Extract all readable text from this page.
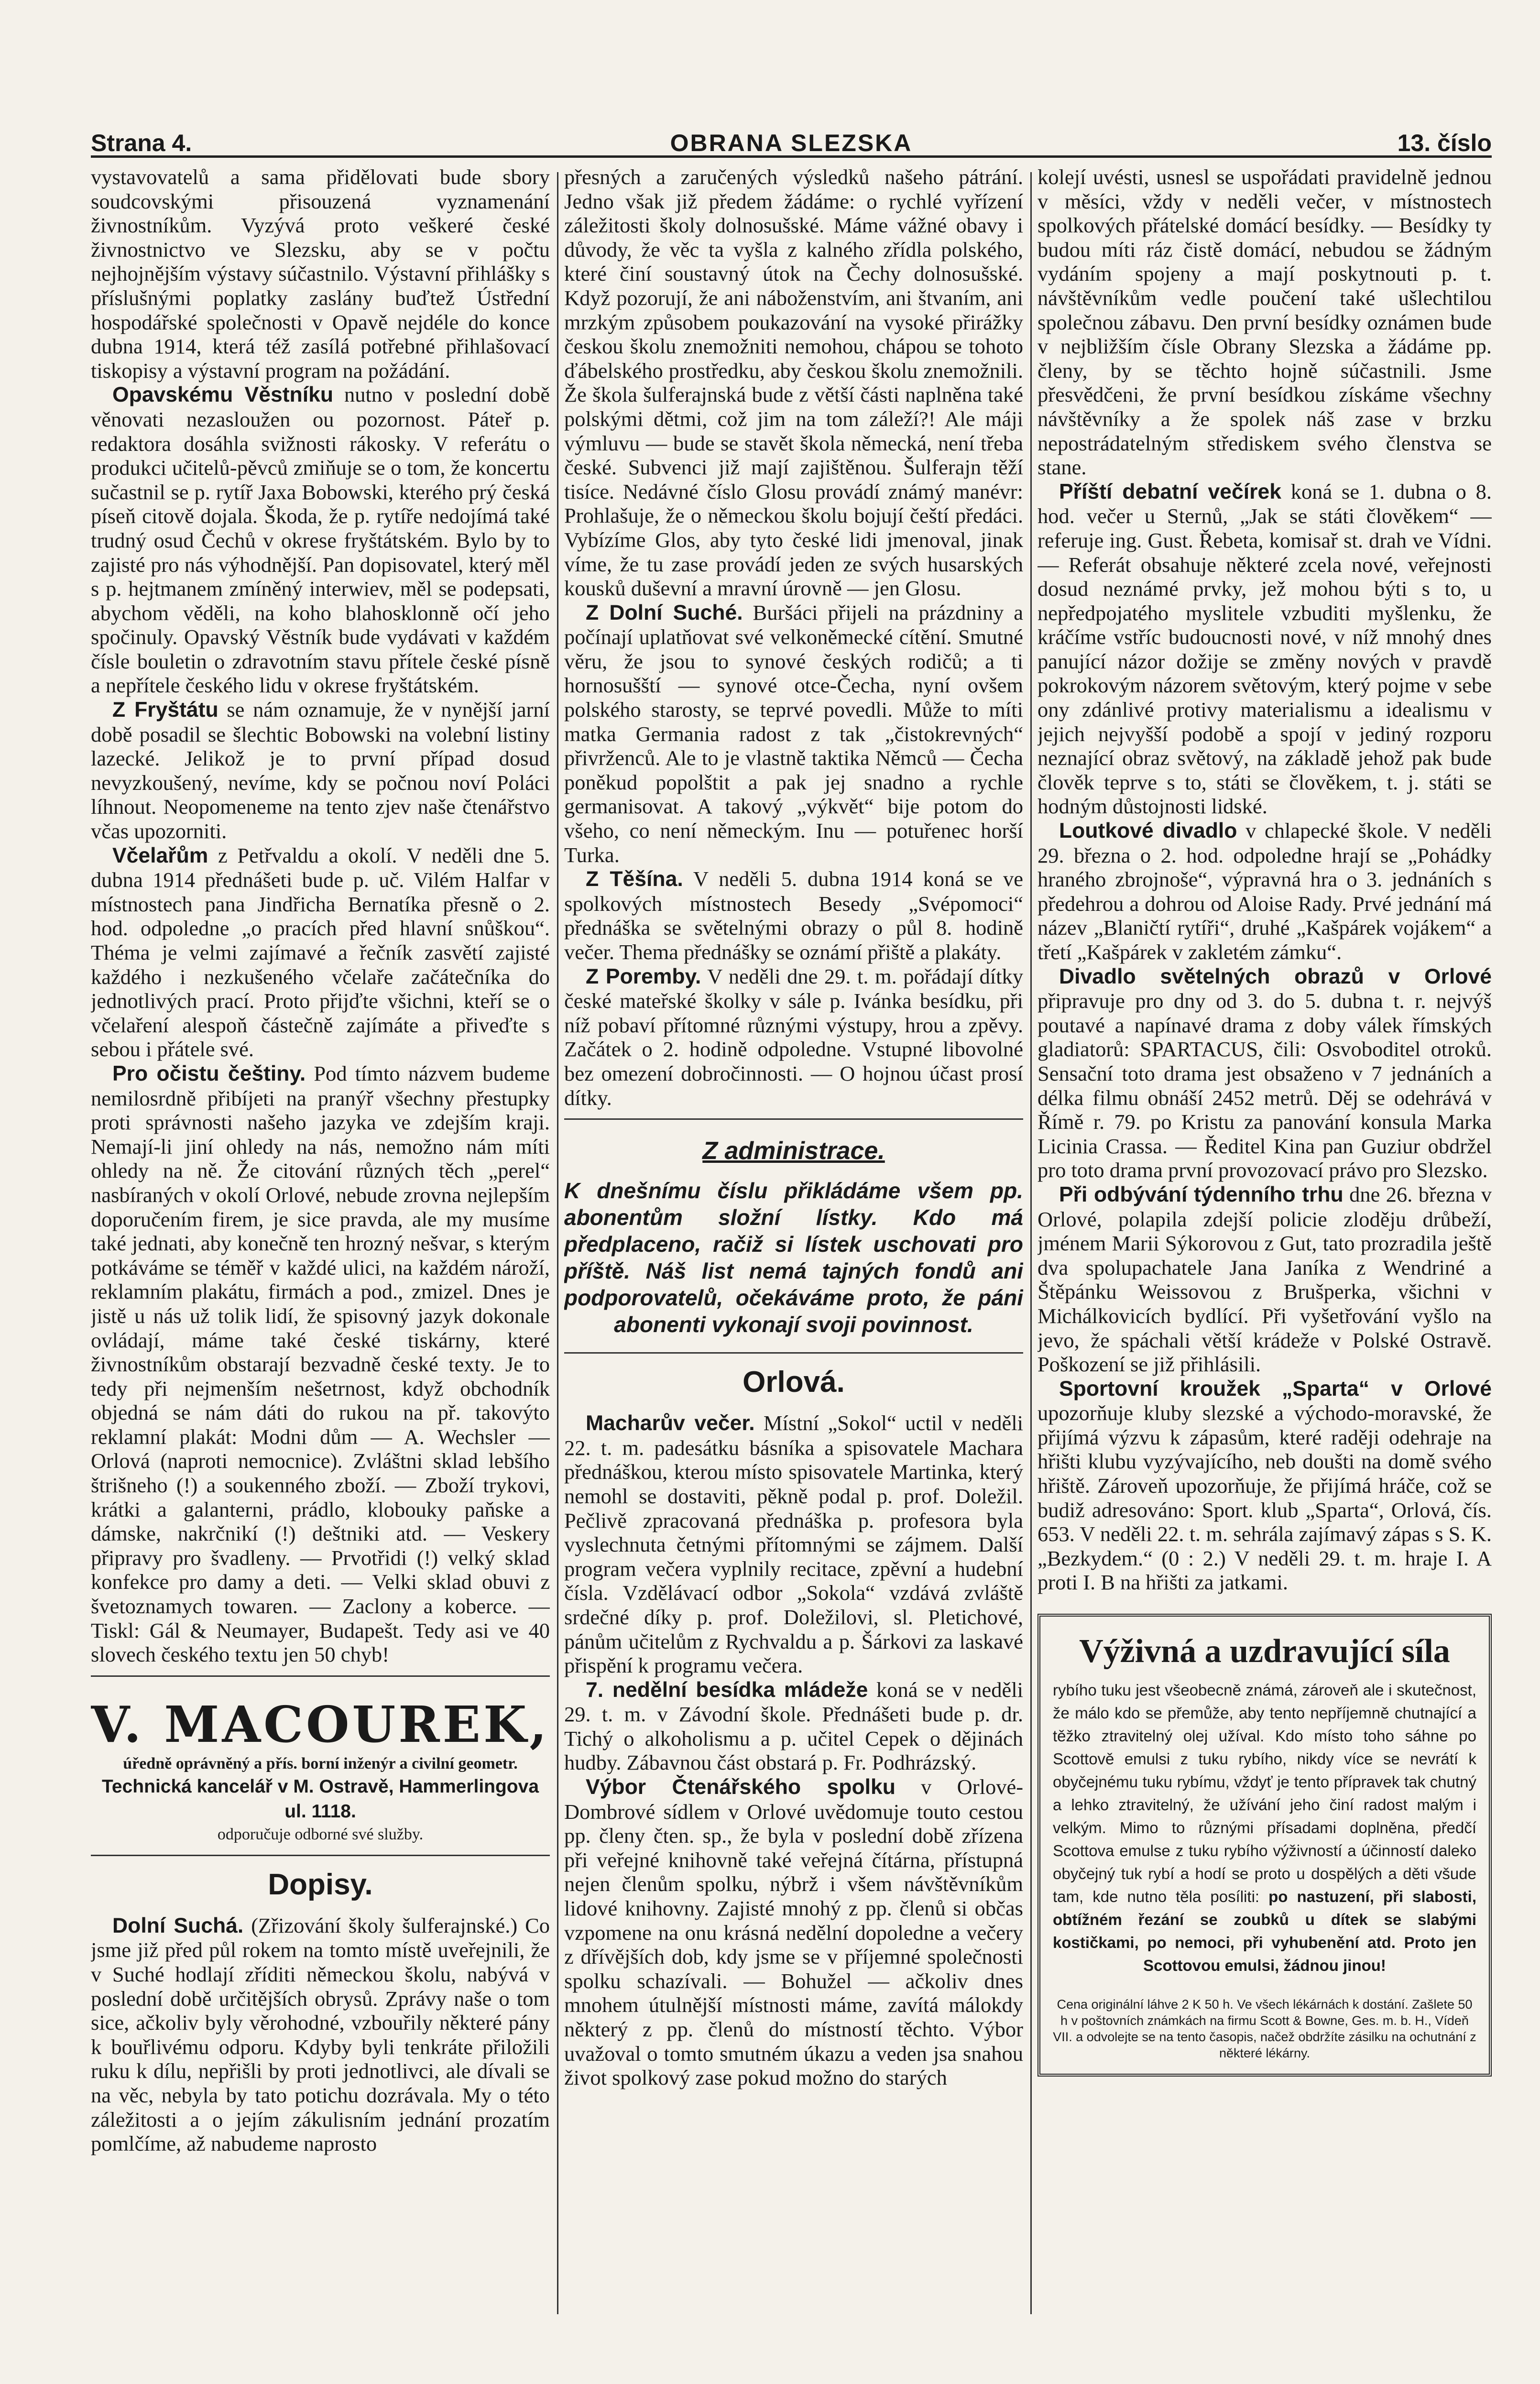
Strana 4.	OBRANA SLEZSKA	13. číslo

vystavovatelů a sama přidělovati bude sbory soudcovskými přisouzená vyznamenání živnostníkům. Vyzývá proto veškeré české živnostnictvo ve Slezsku, aby se v počtu nejhojnějším výstavy súčastnilo. Výstavní přihlášky s příslušnými poplatky zaslány buďtež Ústřední hospodářské společnosti v Opavě nejdéle do konce dubna 1914, která též zasílá potřebné přihlašovací tiskopisy a výstavní program na požádání.

Opavskému Věstníku nutno v poslední době věnovati nezasloužen ou pozornost. Páteř p. redaktora dosáhla svižnosti rákosky. V referátu o produkci učitelů-pěvců zmiňuje se o tom, že koncertu sučastnil se p. rytíř Jaxa Bobowski, kterého prý česká píseň citově dojala. Škoda, že p. rytíře nedojímá také trudný osud Čechů v okrese fryštátském. Bylo by to zajisté pro nás výhodnější. Pan dopisovatel, který měl s p. hejtmanem zmíněný interwiev, měl se podepsati, abychom věděli, na koho blahosklonně očí jeho spočinuly. Opavský Věstník bude vydávati v každém čísle bouletin o zdravotním stavu přítele české písně a nepřítele českého lidu v okrese fryštátském.

Z Fryštátu se nám oznamuje, že v nynější jarní době posadil se šlechtic Bobowski na volební listiny lazecké. Jelikož je to první případ dosud nevyzkoušený, nevíme, kdy se počnou noví Poláci líhnout. Neopomeneme na tento zjev naše čtenářstvo včas upozorniti.

Včelařům z Petřvaldu a okolí. V neděli dne 5. dubna 1914 přednášeti bude p. uč. Vilém Halfar v místnostech pana Jindřicha Bernatíka přesně o 2. hod. odpoledne „o pracích před hlavní snůškou“. Théma je velmi zajímavé a řečník zasvětí zajisté každého i nezkušeného včelaře začátečníka do jednotlivých prací. Proto přijďte všichni, kteří se o včelaření alespoň částečně zajímáte a přiveďte s sebou i přátele své.

Pro očistu češtiny. Pod tímto názvem budeme nemilosrdně přibíjeti na pranýř všechny přestupky proti správnosti našeho jazyka ve zdejším kraji. Nemají-li jiní ohledy na nás, nemožno nám míti ohledy na ně. Že citování různých těch „perel“ nasbíraných v okolí Orlové, nebude zrovna nejlepším doporučením firem, je sice pravda, ale my musíme také jednati, aby konečně ten hrozný nešvar, s kterým potkáváme se téměř v každé ulici, na každém nároží, reklamním plakátu, firmách a pod., zmizel. Dnes je jistě u nás už tolik lidí, že spisovný jazyk dokonale ovládají, máme také české tiskárny, které živnostníkům obstarají bezvadně české texty. Je to tedy při nejmenším nešetrnost, když obchodník objedná se nám dáti do rukou na př. takovýto reklamní plakát: Modni dům — A. Wechsler — Orlová (naproti nemocnice). Zvláštni sklad lebšího štrišneho (!) a soukenného zboží. — Zboží trykovi, krátki a galanterni, prádlo, klobouky paňske a dámske, nakrčnikí (!) deštniki atd. — Veskery připravy pro švadleny. — Prvotřidi (!) velký sklad konfekce pro damy a deti. — Velki sklad obuvi z švetoznamych towaren. — Zaclony a koberce. — Tiskl: Gál & Neumayer, Budapešt. Tedy asi ve 40 slovech českého textu jen 50 chyb!

V. MACOUREK,
úředně oprávněný a přís. borní inženýr a civilní geometr.
Technická kancelář v M. Ostravě, Hammerlingova ul. 1118.
odporučuje odborné své služby.
Dopisy.

Dolní Suchá. (Zřizování školy šulferajnské.) Co jsme již před půl rokem na tomto místě uveřejnili, že v Suché hodlají zříditi německou školu, nabývá v poslední době určitějších obrysů. Zprávy naše o tom sice, ačkoliv byly věrohodné, vzbouřily některé pány k bouřlivému odporu. Kdyby byli tenkráte přiložili ruku k dílu, nepřišli by proti jednotlivci, ale dívali se na věc, nebyla by tato potichu dozrávala. My o této záležitosti a o jejím zákulisním jednání prozatím pomlčíme, až nabudeme naprosto

přesných a zaručených výsledků našeho pátrání. Jedno však již předem žádáme: o rychlé vyřízení záležitosti školy dolnosušské. Máme vážné obavy i důvody, že věc ta vyšla z kalného zřídla polského, které činí soustavný útok na Čechy dolnosušské. Když pozorují, že ani náboženstvím, ani štvaním, ani mrzkým způsobem poukazování na vysoké přirážky českou školu znemožniti nemohou, chápou se tohoto ďábelského prostředku, aby českou školu znemožnili. Že škola šulferajnská bude z větší části naplněna také polskými dětmi, což jim na tom záleží?! Ale máji výmluvu — bude se stavět škola německá, není třeba české. Subvenci již mají zajištěnou. Šulferajn těží tisíce. Nedávné číslo Glosu provádí známý manévr: Prohlašuje, že o německou školu bojují čeští předáci. Vybízíme Glos, aby tyto české lidi jmenoval, jinak víme, že tu zase provádí jeden ze svých husarských kousků duševní a mravní úrovně — jen Glosu.

Z Dolní Suché. Buršáci přijeli na prázdniny a počínají uplatňovat své velkoněmecké cítění. Smutné věru, že jsou to synové českých rodičů; a ti hornosušští — synové otce-Čecha, nyní ovšem polského starosty, se teprvé povedli. Může to míti matka Germania radost z tak „čistokrevných“ přivrženců. Ale to je vlastně taktika Němců — Čecha poněkud popolštit a pak jej snadno a rychle germanisovat. A takový „výkvět“ bije potom do všeho, co není německým. Inu — potuřenec horší Turka.

Z Těšína. V neděli 5. dubna 1914 koná se ve spolkových místnostech Besedy „Svépomoci“ přednáška se světelnými obrazy o půl 8. hodině večer. Thema přednášky se oznámí přiště a plakáty.

Z Poremby. V neděli dne 29. t. m. pořádají dítky české mateřské školky v sále p. Ivánka besídku, při níž pobaví přítomné různými výstupy, hrou a zpěvy. Začátek o 2. hodině odpoledne. Vstupné libovolné bez omezení dobročinnosti. — O hojnou účast prosí dítky.

Z administrace.
K dnešnímu číslu přikládáme všem pp. abonentům složní lístky. Kdo má předplaceno, račiž si lístek uschovati pro příště. Náš list nemá tajných fondů ani podporovatelů, očekáváme proto, že páni abonenti vykonají svoji povinnost.
Orlová.

Macharův večer. Místní „Sokol“ uctil v neděli 22. t. m. padesátku básníka a spisovatele Machara přednáškou, kterou místo spisovatele Martinka, který nemohl se dostaviti, pěkně podal p. prof. Doležil. Pečlivě zpracovaná přednáška p. profesora byla vyslechnuta četnými přítomnými se zájmem. Další program večera vyplnily recitace, zpěvní a hudební čísla. Vzdělávací odbor „Sokola“ vzdává zvláště srdečné díky p. prof. Doležilovi, sl. Pletichové, pánům učitelům z Rychvaldu a p. Šárkovi za laskavé přispění k programu večera.

7. nedělní besídka mládeže koná se v neděli 29. t. m. v Závodní škole. Přednášeti bude p. dr. Tichý o alkoholismu a p. učitel Cepek o dějinách hudby. Zábavnou část obstará p. Fr. Podhrázský.

Výbor Čtenářského spolku v Orlové-Dombrové sídlem v Orlové uvědomuje touto cestou pp. členy čten. sp., že byla v poslední době zřízena při veřejné knihovně také veřejná čítárna, přístupná nejen členům spolku, nýbrž i všem návštěvníkům lidové knihovny. Zajisté mnohý z pp. členů si občas vzpomene na onu krásná nedělní dopoledne a večery z dřívějších dob, kdy jsme se v příjemné společnosti spolku schazívali. — Bohužel — ačkoliv dnes mnohem útulnější místnosti máme, zavítá málokdy některý z pp. členů do místností těchto. Výbor uvažoval o tomto smutném úkazu a veden jsa snahou život spolkový zase pokud možno do starých

kolejí uvésti, usnesl se uspořádati pravidelně jednou v měsíci, vždy v neděli večer, v místnostech spolkových přátelské domácí besídky. — Besídky ty budou míti ráz čistě domácí, nebudou se žádným vydáním spojeny a mají poskytnouti p. t. návštěvníkům vedle poučení také ušlechtilou společnou zábavu. Den první besídky oznámen bude v nejbližším čísle Obrany Slezska a žádáme pp. členy, by se těchto hojně súčastnili. Jsme přesvědčeni, že první besídkou získáme všechny návštěvníky a že spolek náš zase v brzku nepostrádatelným střediskem svého členstva se stane.

Příští debatní večírek koná se 1. dubna o 8. hod. večer u Sternů, „Jak se státi člověkem“ — referuje ing. Gust. Řebeta, komisař st. drah ve Vídni. — Referát obsahuje některé zcela nové, veřejnosti dosud neznámé prvky, jež mohou býti s to, u nepředpojatého myslitele vzbuditi myšlenku, že kráčíme vstříc budoucnosti nové, v níž mnohý dnes panující názor dožije se změny nových v pravdě pokrokovým názorem světovým, který pojme v sebe ony zdánlivé protivy materialismu a idealismu v jejich nejvyšší podobě a spojí v jediný rozporu neznající obraz světový, na základě jehož pak bude člověk teprve s to, státi se člověkem, t. j. státi se hodným důstojnosti lidské.

Loutkové divadlo v chlapecké škole. V neděli 29. března o 2. hod. odpoledne hrají se „Pohádky hraného zbrojnoše“, výpravná hra o 3. jednáních s předehrou a dohrou od Aloise Rady. Prvé jednání má název „Blaničtí rytíři“, druhé „Kašpárek vojákem“ a třetí „Kašpárek v zakletém zámku“.

Divadlo světelných obrazů v Orlové připravuje pro dny od 3. do 5. dubna t. r. nejvýš poutavé a napínavé drama z doby válek římských gladiatorů: SPARTACUS, čili: Osvoboditel otroků. Sensační toto drama jest obsaženo v 7 jednáních a délka filmu obnáší 2452 metrů. Děj se odehrává v Římě r. 79. po Kristu za panování konsula Marka Licinia Crassa. — Ředitel Kina pan Guziur obdržel pro toto drama první provozovací právo pro Slezsko.

Při odbývání týdenního trhu dne 26. března v Orlové, polapila zdejší policie zloděju drůbeží, jménem Marii Sýkorovou z Gut, tato prozradila ještě dva spolupachatele Jana Janíka z Wendriné a Štěpánku Weissovou z Brušperka, všichni v Michálkovicích bydlící. Při vyšetřování vyšlo na jevo, že spáchali větší krádeže v Polské Ostravě. Poškození se již přihlásili.

Sportovní kroužek „Sparta“ v Orlové upozorňuje kluby slezské a východo-moravské, že přijímá výzvu k zápasům, které raději odehraje na hřišti klubu vyzývajícího, neb doušti na domě svého hřiště. Zároveň upozorňuje, že přijímá hráče, což se budiž adresováno: Sport. klub „Sparta“, Orlová, čís. 653. V neděli 22. t. m. sehrála zajímavý zápas s S. K. „Bezkydem.“ (0 : 2.) V neděli 29. t. m. hraje I. A proti I. B na hřišti za jatkami.

Výživná a uzdravující síla
rybího tuku jest všeobecně známá, zároveň ale i skutečnost, že málo kdo se přemůže, aby tento nepříjemně chutnající a těžko ztravitelný olej užíval. Kdo místo toho sáhne po Scottově emulsi z tuku rybího, nikdy více se nevrátí k obyčejnému tuku rybímu, vždyť je tento přípravek tak chutný a lehko ztravitelný, že užívání jeho činí radost malým i velkým. Mimo to různými přísadami doplněna, předčí Scottova emulse z tuku rybího výživností a účinností daleko obyčejný tuk rybí a hodí se proto u dospělých a děti všude tam, kde nutno těla posíliti: po nastuzení, při slabosti, obtížném řezání se zoubků u dítek se slabými kostičkami, po nemoci, při vyhubenění atd. Proto jen Scottovou emulsi, žádnou jinou!
Cena originální láhve 2 K 50 h. Ve všech lékárnách k dostání. Zašlete 50 h v poštovních známkách na firmu Scott & Bowne, Ges. m. b. H., Vídeň VII. a odvolejte se na tento časopis, načež obdržíte zásilku na ochutnání z některé lékárny.
